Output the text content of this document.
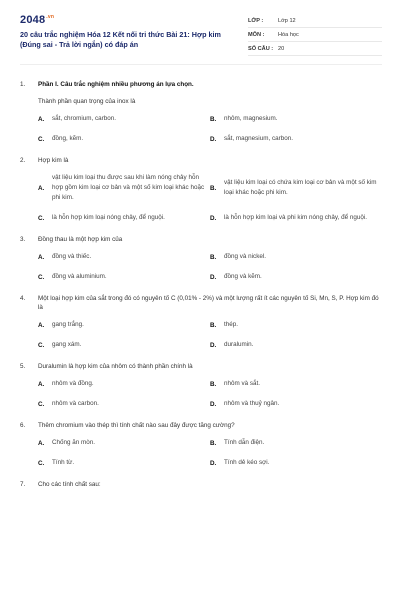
$2048^{.vn}$
20 câu trắc nghiệm Hóa 12 Kết nối tri thức Bài 21: Hợp kim (Đúng sai - Trả lời ngắn) có đáp án
LỚP :	Lớp 12
MÔN :	Hóa học
SỐ CÂU : 20
1.	Phần I. Câu trắc nghiệm nhiều phương án lựa chọn.
Thành phần quan trọng của inox là
A.	sắt, chromium, carbon.	B.	nhôm, magnesium.
C.	đồng, kẽm.	D.	sắt, magnesium, carbon.
2.	Hợp kim là
A.
vật liệu kim loại thu được sau khi làm nóng chảy hỗn hợp gồm kim loại cơ bản và một số kim loại khác hoặc phi kim.
B.
vật liệu kim loại có chứa kim loại cơ bản và một số kim loại khác hoặc phi kim.
C.	là hỗn hợp kim loại nóng chảy, để nguội.	D.	là hỗn hợp kim loại và phi kim nóng chảy, để nguội.
3.	Đồng thau là một hợp kim của
A.	đồng và thiếc.	B.	đồng và nickel.
C.	đồng và aluminium.	D.	đồng và kẽm.
4.	Một loại hợp kim của sắt trong đó có nguyên tố C (0,01% - 2%) và một lượng rất ít các nguyên tố Si, Mn, S, P. Hợp kim đó là
A.	gang trắng.	B.	thép.
C.	gang xám.	D.	duralumin.
5.	Duralumin là hợp kim của nhôm có thành phần chính là
A.	nhôm và đồng.	B.	nhôm và sắt.
C.	nhôm và carbon.	D.	nhôm và thuỷ ngân.
6.	Thêm chromium vào thép thì tính chất nào sau đây được tăng cường?
A.	Chống ăn mòn.	B.	Tính dẫn điện.
C.	Tính từ.	D.	Tính dẻ kéo sợi.
7.	Cho các tính chất sau:
